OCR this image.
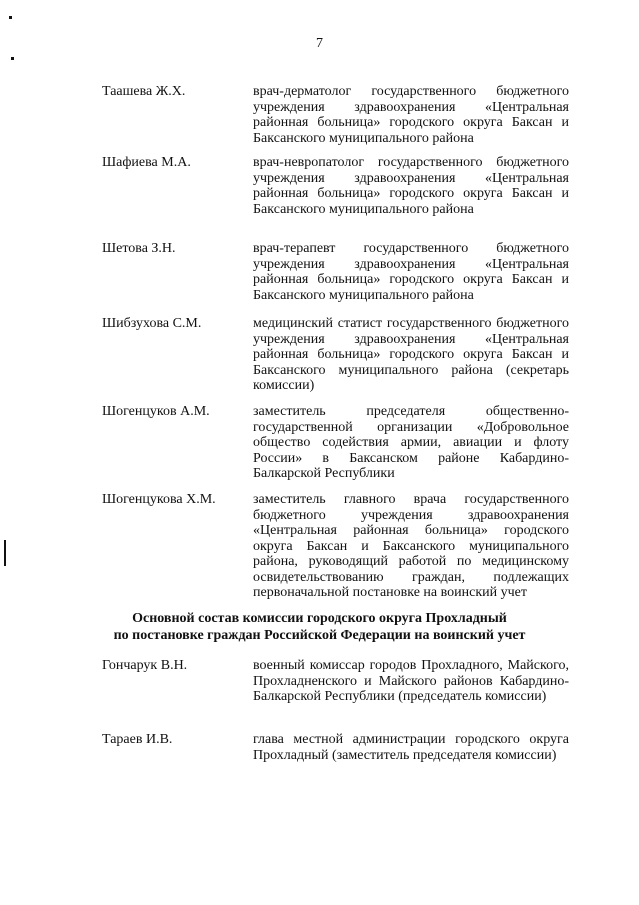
7
Таашева Ж.Х.	врач-дерматолог государственного бюджетного учреждения здравоохранения «Центральная районная больница» городского округа Баксан и Баксанского муниципального района
Шафиева М.А.	врач-невропатолог государственного бюджетного учреждения здравоохранения «Центральная районная больница» городского округа Баксан и Баксанского муниципального района
Шетова З.Н.	врач-терапевт государственного бюджетного учреждения здравоохранения «Центральная районная больница» городского округа Баксан и Баксанского муниципального района
Шибзухова С.М.	медицинский статист государственного бюджетного учреждения здравоохранения «Центральная районная больница» городского округа Баксан и Баксанского муниципального района (секретарь комиссии)
Шогенцуков А.М.	заместитель председателя общественно-государственной организации «Добровольное общество содействия армии, авиации и флоту России» в Баксанском районе Кабардино-Балкарской Республики
Шогенцукова Х.М.	заместитель главного врача государственного бюджетного учреждения здравоохранения «Центральная районная больница» городского округа Баксан и Баксанского муниципального района, руководящий работой по медицинскому освидетельствованию граждан, подлежащих первоначальной постановке на воинский учет
Основной состав комиссии городского округа Прохладный
по постановке граждан Российской Федерации на воинский учет
Гончарук В.Н.	военный комиссар городов Прохладного, Майского, Прохладненского и Майского районов Кабардино-Балкарской Республики (председатель комиссии)
Тараев И.В.	глава местной администрации городского округа Прохладный (заместитель председателя комиссии)
